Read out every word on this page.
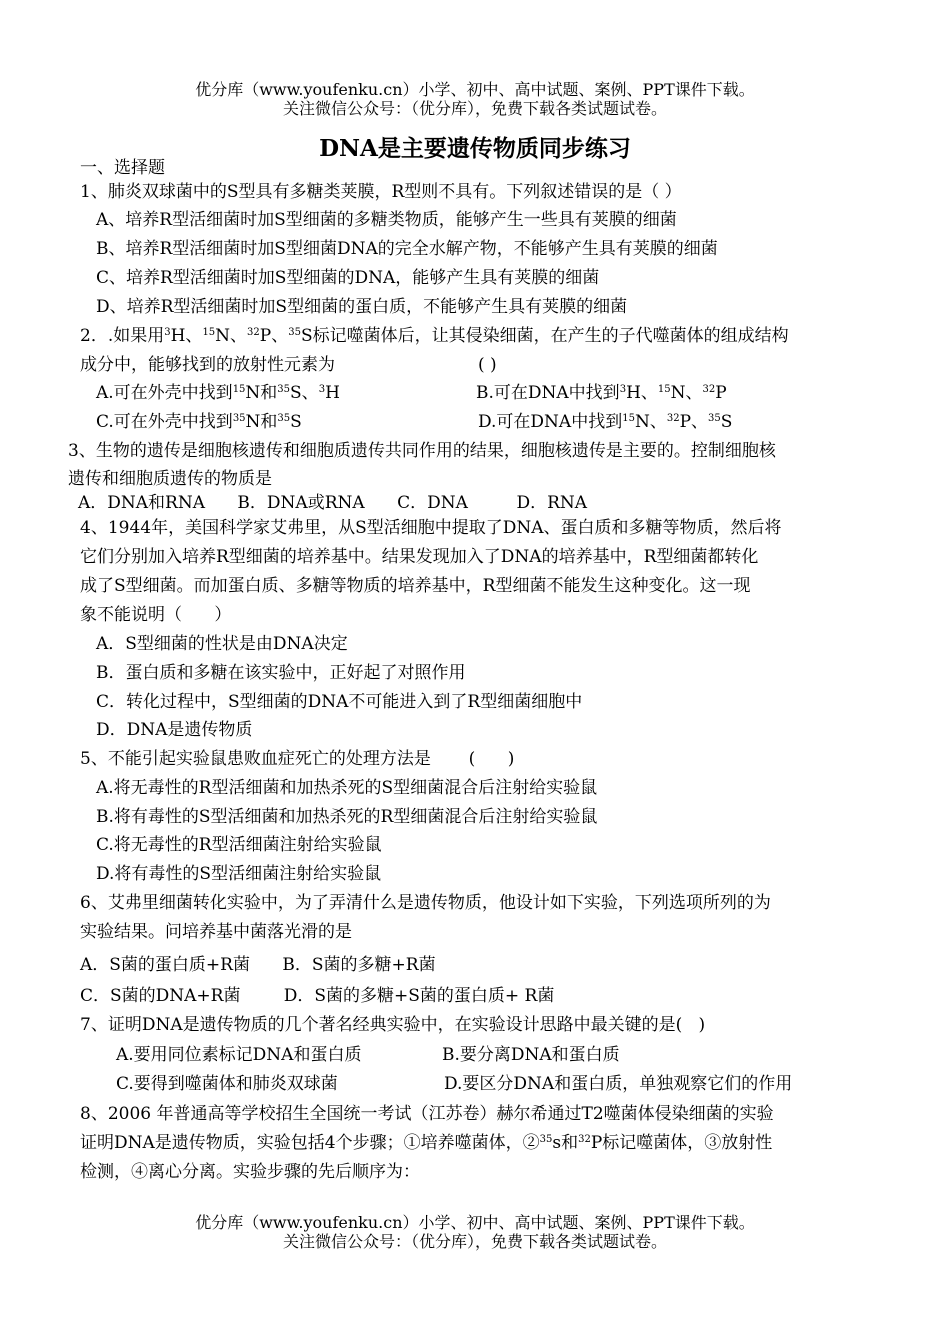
优分库（www.youfenku.cn）小学、初中、高中试题、案例、PPT课件下载。
关注微信公众号：（优分库），免费下载各类试题试卷。
DNA是主要遗传物质同步练习
一、选择题
1、肺炎双球菌中的S型具有多糖类荚膜，R型则不具有。下列叙述错误的是（ ）
A、培养R型活细菌时加S型细菌的多糖类物质，能够产生一些具有荚膜的细菌
B、培养R型活细菌时加S型细菌DNA的完全水解产物，不能够产生具有荚膜的细菌
C、培养R型活细菌时加S型细菌的DNA，能够产生具有荚膜的细菌
D、培养R型活细菌时加S型细菌的蛋白质，不能够产生具有荚膜的细菌
2．.如果用$^3$H、$^{15}$N、$^{32}$P、$^{35}$S标记噬菌体后，让其侵染细菌，在产生的子代噬菌体的组成结构
成分中，能够找到的放射性元素为	( )
A.可在外壳中找到$^{15}$N和$^{35}$S、$^3$H	B.可在DNA中找到$^3$H、$^{15}$N、$^{32}$P
C.可在外壳中找到$^{35}$N和$^{35}$S	D.可在DNA中找到$^{15}$N、$^{32}$P、$^{35}$S
3、生物的遗传是细胞核遗传和细胞质遗传共同作用的结果，细胞核遗传是主要的。控制细胞核
遗传和细胞质遗传的物质是
A．DNA和RNA      B．DNA或RNA      C．DNA         D．RNA
4、1944年，美国科学家艾弗里，从S型活细胞中提取了DNA、蛋白质和多糖等物质，然后将
它们分别加入培养R型细菌的培养基中。结果发现加入了DNA的培养基中，R型细菌都转化
成了S型细菌。而加蛋白质、多糖等物质的培养基中，R型细菌不能发生这种变化。这一现
象不能说明（      ）
A．S型细菌的性状是由DNA决定
B．蛋白质和多糖在该实验中，正好起了对照作用
C．转化过程中，S型细菌的DNA不可能进入到了R型细菌细胞中
D．DNA是遗传物质
5、不能引起实验鼠患败血症死亡的处理方法是       (      )
A.将无毒性的R型活细菌和加热杀死的S型细菌混合后注射给实验鼠
B.将有毒性的S型活细菌和加热杀死的R型细菌混合后注射给实验鼠
C.将无毒性的R型活细菌注射给实验鼠
D.将有毒性的S型活细菌注射给实验鼠
6、艾弗里细菌转化实验中，为了弄清什么是遗传物质，他设计如下实验，下列选项所列的为
实验结果。问培养基中菌落光滑的是
A．S菌的蛋白质+R菌      B．S菌的多糖+R菌
C．S菌的DNA+R菌        D．S菌的多糖+S菌的蛋白质+ R菌
7、证明DNA是遗传物质的几个著名经典实验中，在实验设计思路中最关键的是(   )
A.要用同位素标记DNA和蛋白质	B.要分离DNA和蛋白质
C.要得到噬菌体和肺炎双球菌	D.要区分DNA和蛋白质，单独观察它们的作用
8、2006 年普通高等学校招生全国统一考试（江苏卷）赫尔希通过T2噬菌体侵染细菌的实验
证明DNA是遗传物质，实验包括4个步骤；①培养噬菌体，②$^{35}$s和$^{32}$P标记噬菌体，③放射性
检测，④离心分离。实验步骤的先后顺序为：
优分库（www.youfenku.cn）小学、初中、高中试题、案例、PPT课件下载。
关注微信公众号：（优分库），免费下载各类试题试卷。
